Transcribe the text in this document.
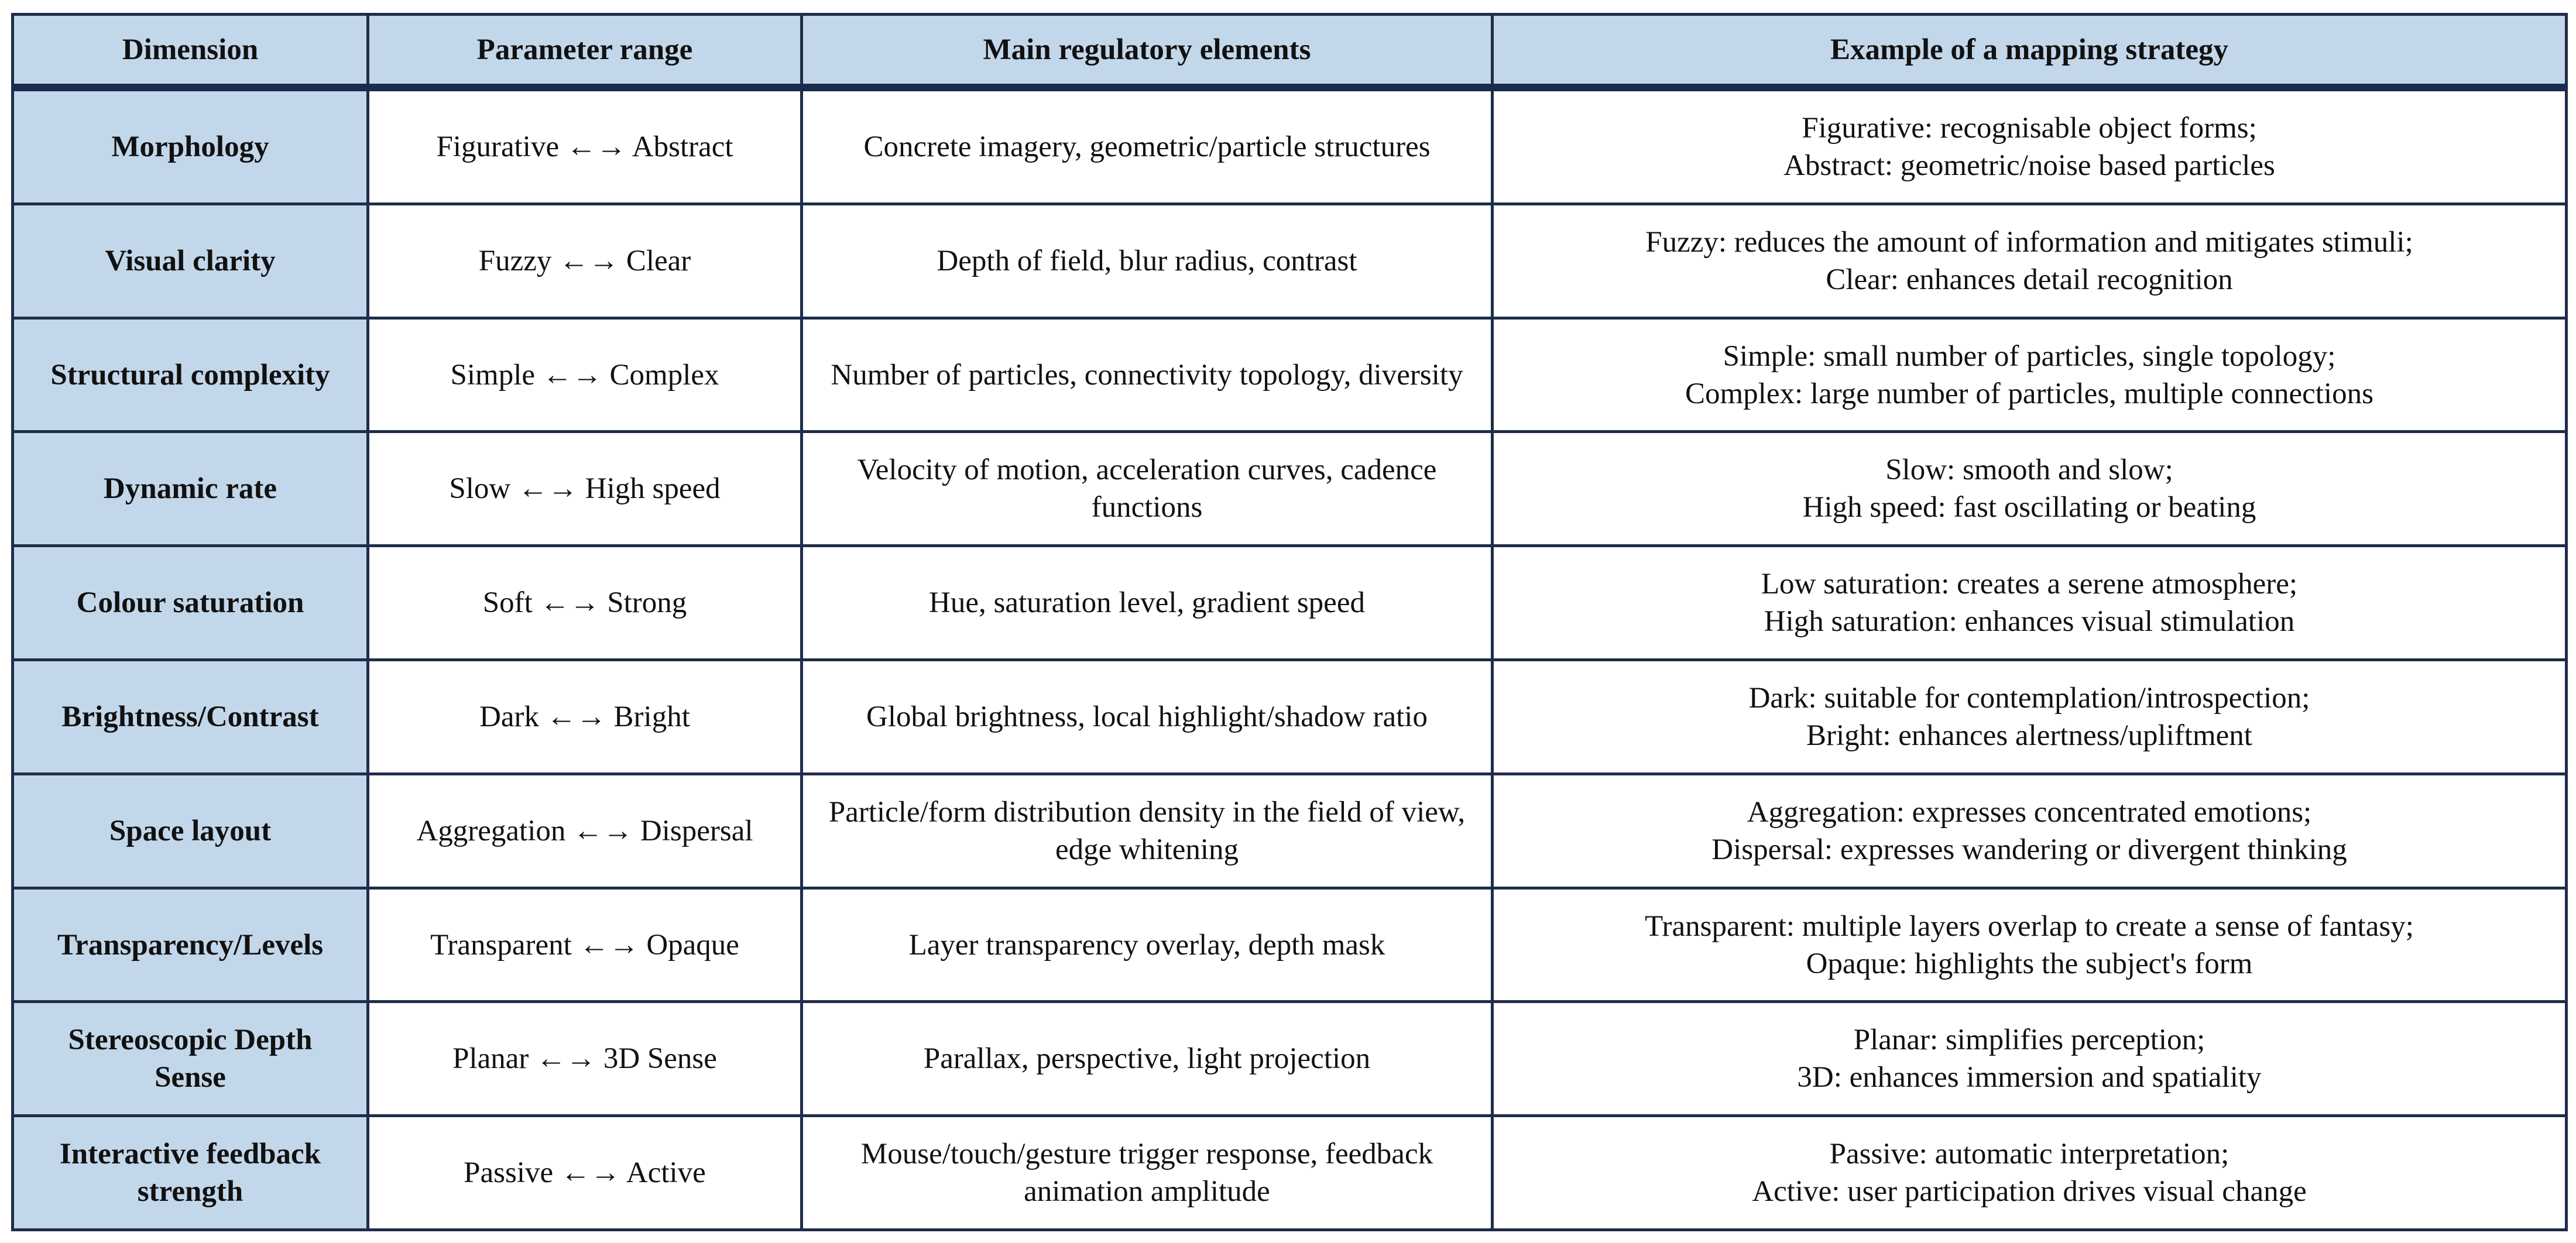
Dimension	Parameter range	Main regulatory elements	Example of a mapping strategy
Morphology	Figurative ←→ Abstract	Concrete imagery, geometric/particle structures	Figurative: recognisable object forms;
Abstract: geometric/noise based particles

Visual clarity	Fuzzy ←→ Clear	Depth of field, blur radius, contrast	Fuzzy: reduces the amount of information and mitigates stimuli;
Clear: enhances detail recognition

Structural complexity	Simple ←→ Complex	Number of particles, connectivity topology, diversity	Simple: small number of particles, single topology;
Complex: large number of particles, multiple connections

Dynamic rate	Slow ←→ High speed	Velocity of motion, acceleration curves, cadence functions	Slow: smooth and slow;
High speed: fast oscillating or beating

Colour saturation	Soft ←→ Strong	Hue, saturation level, gradient speed	Low saturation: creates a serene atmosphere;
High saturation: enhances visual stimulation

Brightness/Contrast	Dark ←→ Bright	Global brightness, local highlight/shadow ratio	Dark: suitable for contemplation/introspection;
Bright: enhances alertness/upliftment

Space layout	Aggregation ←→ Dispersal	Particle/form distribution density in the field of view, edge whitening	Aggregation: expresses concentrated emotions;
Dispersal: expresses wandering or divergent thinking

Transparency/Levels	Transparent ←→ Opaque	Layer transparency overlay, depth mask	Transparent: multiple layers overlap to create a sense of fantasy;
Opaque: highlights the subject's form

Stereoscopic Depth Sense	Planar ←→ 3D Sense	Parallax, perspective, light projection	Planar: simplifies perception;
3D: enhances immersion and spatiality

Interactive feedback strength	Passive ←→ Active	Mouse/touch/gesture trigger response, feedback animation amplitude	Passive: automatic interpretation;
Active: user participation drives visual change
